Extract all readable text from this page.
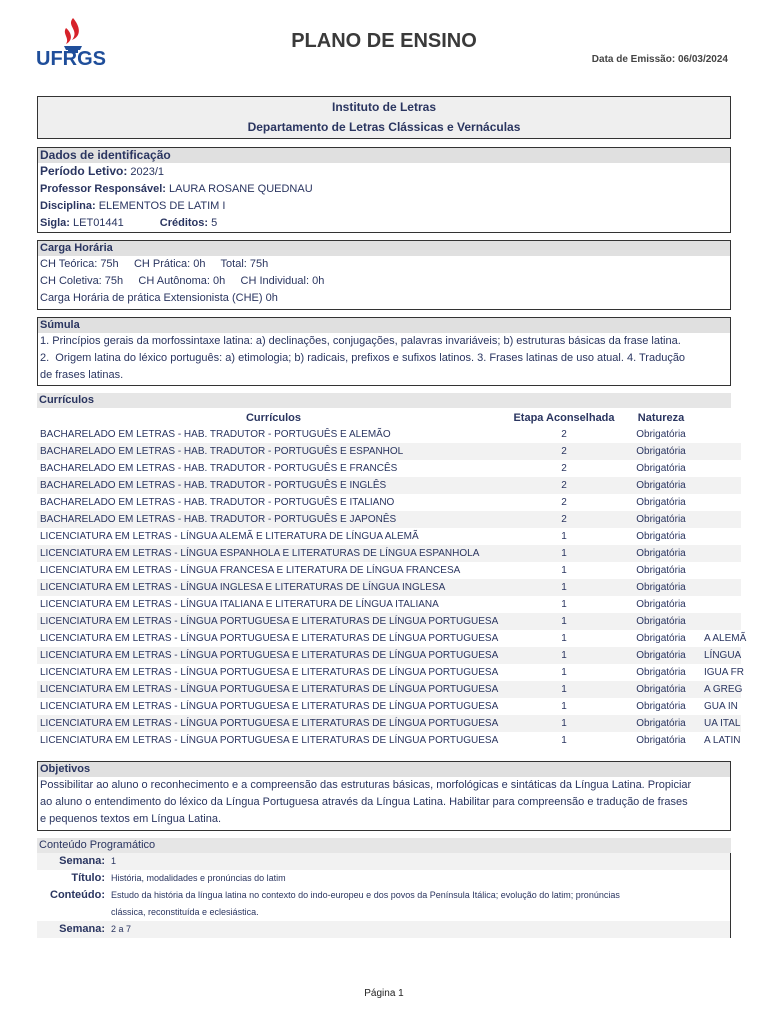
UFRGS
PLANO DE ENSINO
Data de Emissão: 06/03/2024
Instituto de Letras
Departamento de Letras Clássicas e Vernáculas
Dados de identificação
Período Letivo: 2023/1
Professor Responsável: LAURA ROSANE QUEDNAU
Disciplina: ELEMENTOS DE LATIM I
Sigla: LET01441	Créditos: 5
Carga Horária
CH Teórica: 75h     CH Prática: 0h     Total: 75h
CH Coletiva: 75h     CH Autônoma: 0h     CH Individual: 0h
Carga Horária de prática Extensionista (CHE) 0h
Súmula
1. Princípios gerais da morfossintaxe latina: a) declinações, conjugações, palavras invariáveis; b) estruturas básicas da frase latina.
2.  Origem latina do léxico português: a) etimologia; b) radicais, prefixos e sufixos latinos. 3. Frases latinas de uso atual. 4. Tradução
de frases latinas.
Currículos
Currículos	Etapa Aconselhada	Natureza	
BACHARELADO EM LETRAS - HAB. TRADUTOR - PORTUGUÊS E ALEMÃO	2	Obrigatória	
BACHARELADO EM LETRAS - HAB. TRADUTOR - PORTUGUÊS E ESPANHOL	2	Obrigatória	
BACHARELADO EM LETRAS - HAB. TRADUTOR - PORTUGUÊS E FRANCÊS	2	Obrigatória	
BACHARELADO EM LETRAS - HAB. TRADUTOR - PORTUGUÊS E INGLÊS	2	Obrigatória	
BACHARELADO EM LETRAS - HAB. TRADUTOR - PORTUGUÊS E ITALIANO	2	Obrigatória	
BACHARELADO EM LETRAS - HAB. TRADUTOR - PORTUGUÊS E JAPONÊS	2	Obrigatória	
LICENCIATURA EM LETRAS - LÍNGUA ALEMÃ E LITERATURA DE LÍNGUA ALEMÃ	1	Obrigatória	
LICENCIATURA EM LETRAS - LÍNGUA ESPANHOLA E LITERATURAS DE LÍNGUA ESPANHOLA	1	Obrigatória	
LICENCIATURA EM LETRAS - LÍNGUA FRANCESA E LITERATURA DE LÍNGUA FRANCESA	1	Obrigatória	
LICENCIATURA EM LETRAS - LÍNGUA INGLESA E LITERATURAS DE LÍNGUA INGLESA	1	Obrigatória	
LICENCIATURA EM LETRAS - LÍNGUA ITALIANA E LITERATURA DE LÍNGUA ITALIANA	1	Obrigatória	
LICENCIATURA EM LETRAS - LÍNGUA PORTUGUESA E LITERATURAS DE LÍNGUA PORTUGUESA	1	Obrigatória	
LICENCIATURA EM LETRAS - LÍNGUA PORTUGUESA E LITERATURAS DE LÍNGUA PORTUGUESA	1	Obrigatória	A ALEMÃ
LICENCIATURA EM LETRAS - LÍNGUA PORTUGUESA E LITERATURAS DE LÍNGUA PORTUGUESA	1	Obrigatória	LÍNGUA
LICENCIATURA EM LETRAS - LÍNGUA PORTUGUESA E LITERATURAS DE LÍNGUA PORTUGUESA	1	Obrigatória	IGUA FR
LICENCIATURA EM LETRAS - LÍNGUA PORTUGUESA E LITERATURAS DE LÍNGUA PORTUGUESA	1	Obrigatória	A GREG
LICENCIATURA EM LETRAS - LÍNGUA PORTUGUESA E LITERATURAS DE LÍNGUA PORTUGUESA	1	Obrigatória	GUA IN
LICENCIATURA EM LETRAS - LÍNGUA PORTUGUESA E LITERATURAS DE LÍNGUA PORTUGUESA	1	Obrigatória	UA ITAL
LICENCIATURA EM LETRAS - LÍNGUA PORTUGUESA E LITERATURAS DE LÍNGUA PORTUGUESA	1	Obrigatória	A LATIN
Objetivos
Possibilitar ao aluno o reconhecimento e a compreensão das estruturas básicas, morfológicas e sintáticas da Língua Latina. Propiciar
ao aluno o entendimento do léxico da Língua Portuguesa através da Língua Latina. Habilitar para compreensão e tradução de frases
e pequenos textos em Língua Latina.
Conteúdo Programático
Semana: 1
Título: História, modalidades e pronúncias do latim
Conteúdo: Estudo da história da língua latina no contexto do indo-europeu e dos povos da Península Itálica; evolução do latim; pronúncias
clássica, reconstituída e eclesiástica.
Semana: 2 a 7
Página 1
